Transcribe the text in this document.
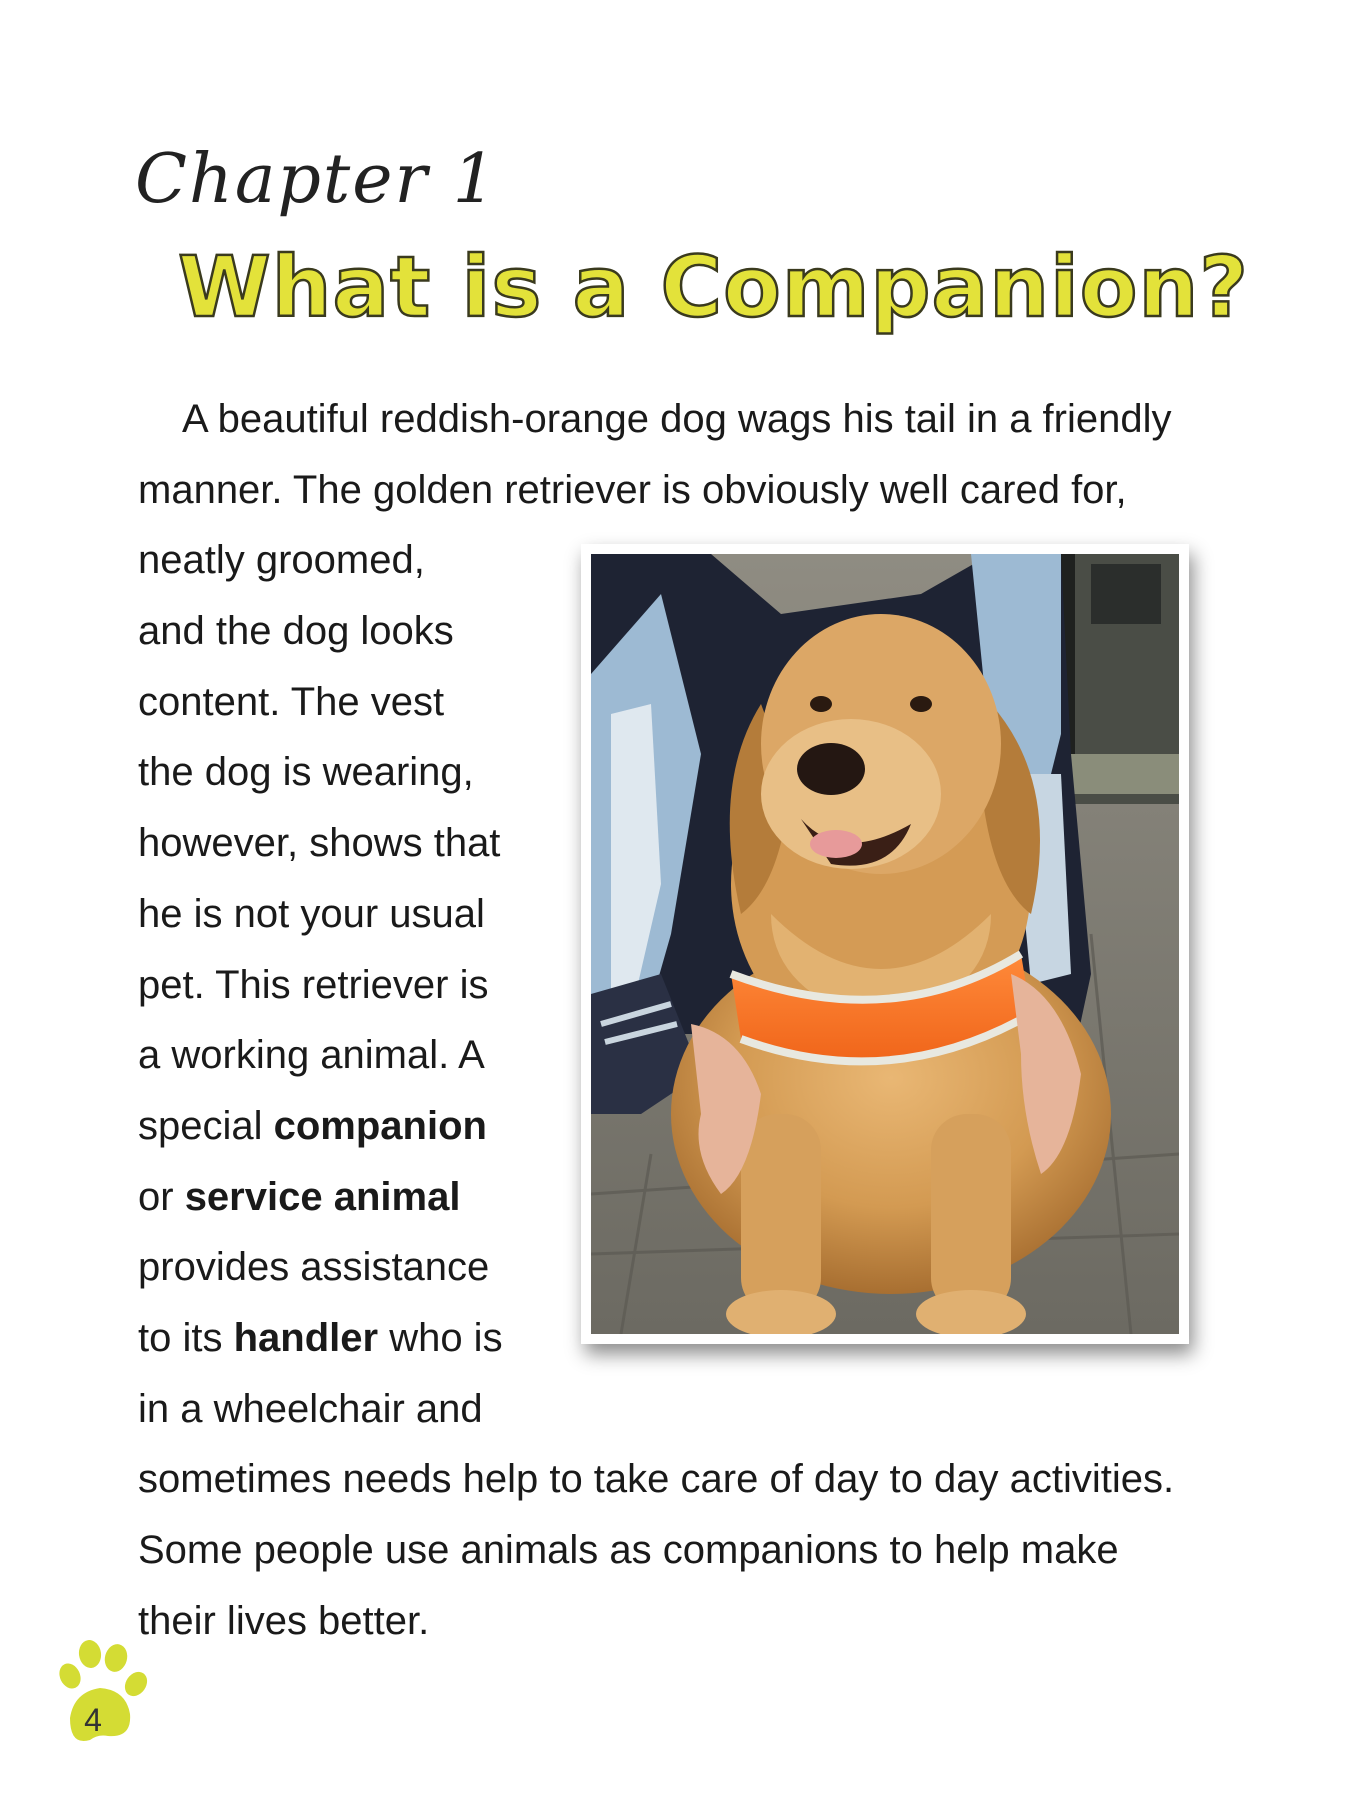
Chapter 1
What is a Companion?
A beautiful reddish-orange dog wags his tail in a friendly
manner. The golden retriever is obviously well cared for,
neatly groomed,
and the dog looks
content. The vest
the dog is wearing,
however, shows that
he is not your usual
pet. This retriever is
a working animal. A
special companion
or service animal
provides assistance
to its handler who is
in a wheelchair and
sometimes needs help to take care of day to day activities.
Some people use animals as companions to help make
their lives better.
4
